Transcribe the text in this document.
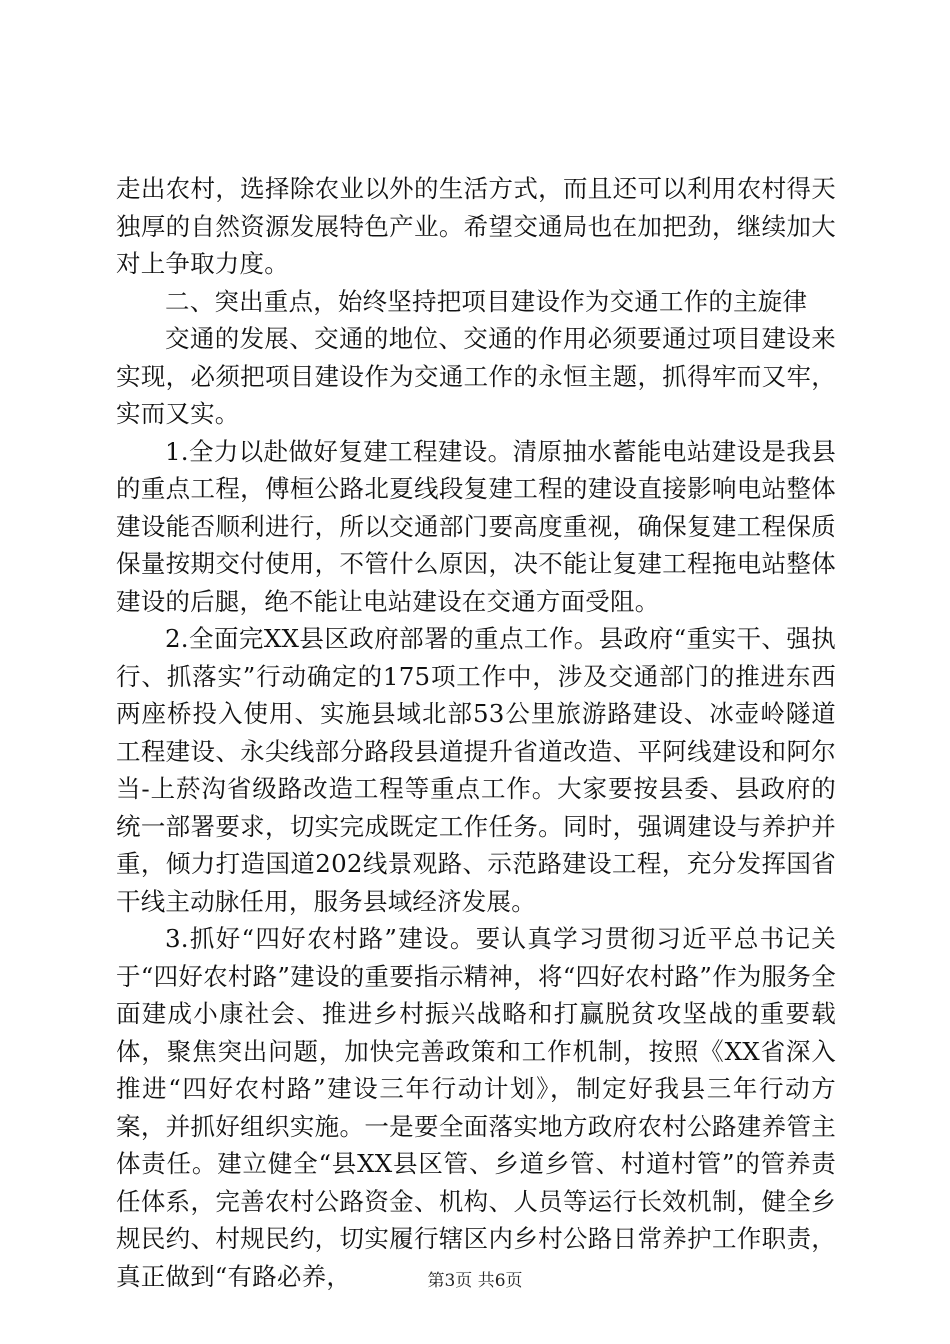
走出农村，选择除农业以外的生活方式，而且还可以利用农村得天独厚的自然资源发展特色产业。希望交通局也在加把劲，继续加大对上争取力度。

二、突出重点，始终坚持把项目建设作为交通工作的主旋律

交通的发展、交通的地位、交通的作用必须要通过项目建设来实现，必须把项目建设作为交通工作的永恒主题，抓得牢而又牢，实而又实。

1.全力以赴做好复建工程建设。清原抽水蓄能电站建设是我县的重点工程，傅桓公路北夏线段复建工程的建设直接影响电站整体建设能否顺利进行，所以交通部门要高度重视，确保复建工程保质保量按期交付使用，不管什么原因，决不能让复建工程拖电站整体建设的后腿，绝不能让电站建设在交通方面受阻。

2.全面完XX县区政府部署的重点工作。县政府“重实干、强执行、抓落实”行动确定的175项工作中，涉及交通部门的推进东西两座桥投入使用、实施县域北部53公里旅游路建设、冰壶岭隧道工程建设、永尖线部分路段县道提升省道改造、平阿线建设和阿尔当-上菸沟省级路改造工程等重点工作。大家要按县委、县政府的统一部署要求，切实完成既定工作任务。同时，强调建设与养护并重，倾力打造国道202线景观路、示范路建设工程，充分发挥国省干线主动脉任用，服务县域经济发展。

3.抓好“四好农村路”建设。要认真学习贯彻习近平总书记关于“四好农村路”建设的重要指示精神，将“四好农村路”作为服务全面建成小康社会、推进乡村振兴战略和打赢脱贫攻坚战的重要载体，聚焦突出问题，加快完善政策和工作机制，按照《XX省深入推进“四好农村路”建设三年行动计划》，制定好我县三年行动方案，并抓好组织实施。一是要全面落实地方政府农村公路建养管主体责任。建立健全“县XX县区管、乡道乡管、村道村管”的管养责任体系，完善农村公路资金、机构、人员等运行长效机制，健全乡规民约、村规民约，切实履行辖区内乡村公路日常养护工作职责，真正做到“有路必养，	第3页 共6页
